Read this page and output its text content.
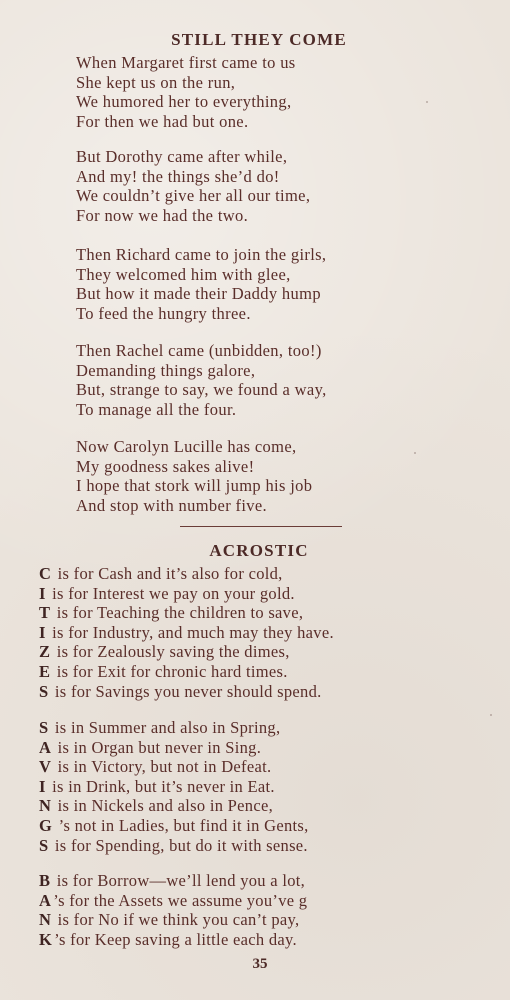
STILL THEY COME
When Margaret first came to us
She kept us on the run,
We humored her to everything,
For then we had but one.
But Dorothy came after while,
And my! the things she’d do!
We couldn’t give her all our time,
For now we had the two.
Then Richard came to join the girls,
They welcomed him with glee,
But how it made their Daddy hump
To feed the hungry three.
Then Rachel came (unbidden, too!)
Demanding things galore,
But, strange to say, we found a way,
To manage all the four.
Now Carolyn Lucille has come,
My goodness sakes alive!
I hope that stork will jump his job
And stop with number five.
ACROSTIC
C is for Cash and it’s also for cold,
I is for Interest we pay on your gold.
T is for Teaching the children to save,
I is for Industry, and much may they have.
Z is for Zealously saving the dimes,
E is for Exit for chronic hard times.
S is for Savings you never should spend.
S is in Summer and also in Spring,
A is in Organ but never in Sing.
V is in Victory, but not in Defeat.
I is in Drink, but it’s never in Eat.
N is in Nickels and also in Pence,
G ’s not in Ladies, but find it in Gents,
S is for Spending, but do it with sense.
B is for Borrow—we’ll lend you a lot,
A ’s for the Assets we assume you’ve g
N is for No if we think you can’t pay,
K ’s for Keep saving a little each day.
35
